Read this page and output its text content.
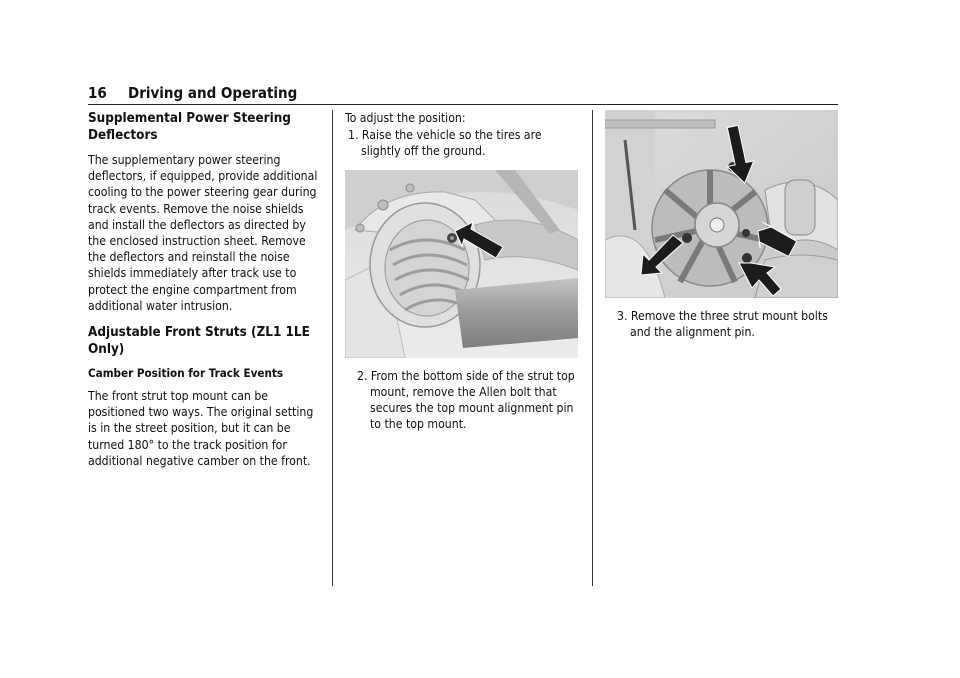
16 Driving and Operating
Supplemental Power Steering Deflectors

The supplementary power steering deflectors, if equipped, provide additional cooling to the power steering gear during track events. Remove the noise shields and install the deflectors as directed by the enclosed instruction sheet. Remove the deflectors and reinstall the noise shields immediately after track use to protect the engine compartment from additional water intrusion.

Adjustable Front Struts (ZL1 1LE Only)
Camber Position for Track Events

The front strut top mount can be positioned two ways. The original setting is in the street position, but it can be turned 180° to the track position for additional negative camber on the front.

To adjust the position:

1. Raise the vehicle so the tires are slightly off the ground.

2. From the bottom side of the strut top mount, remove the Allen bolt that secures the top mount alignment pin to the top mount.

3. Remove the three strut mount bolts and the alignment pin.
